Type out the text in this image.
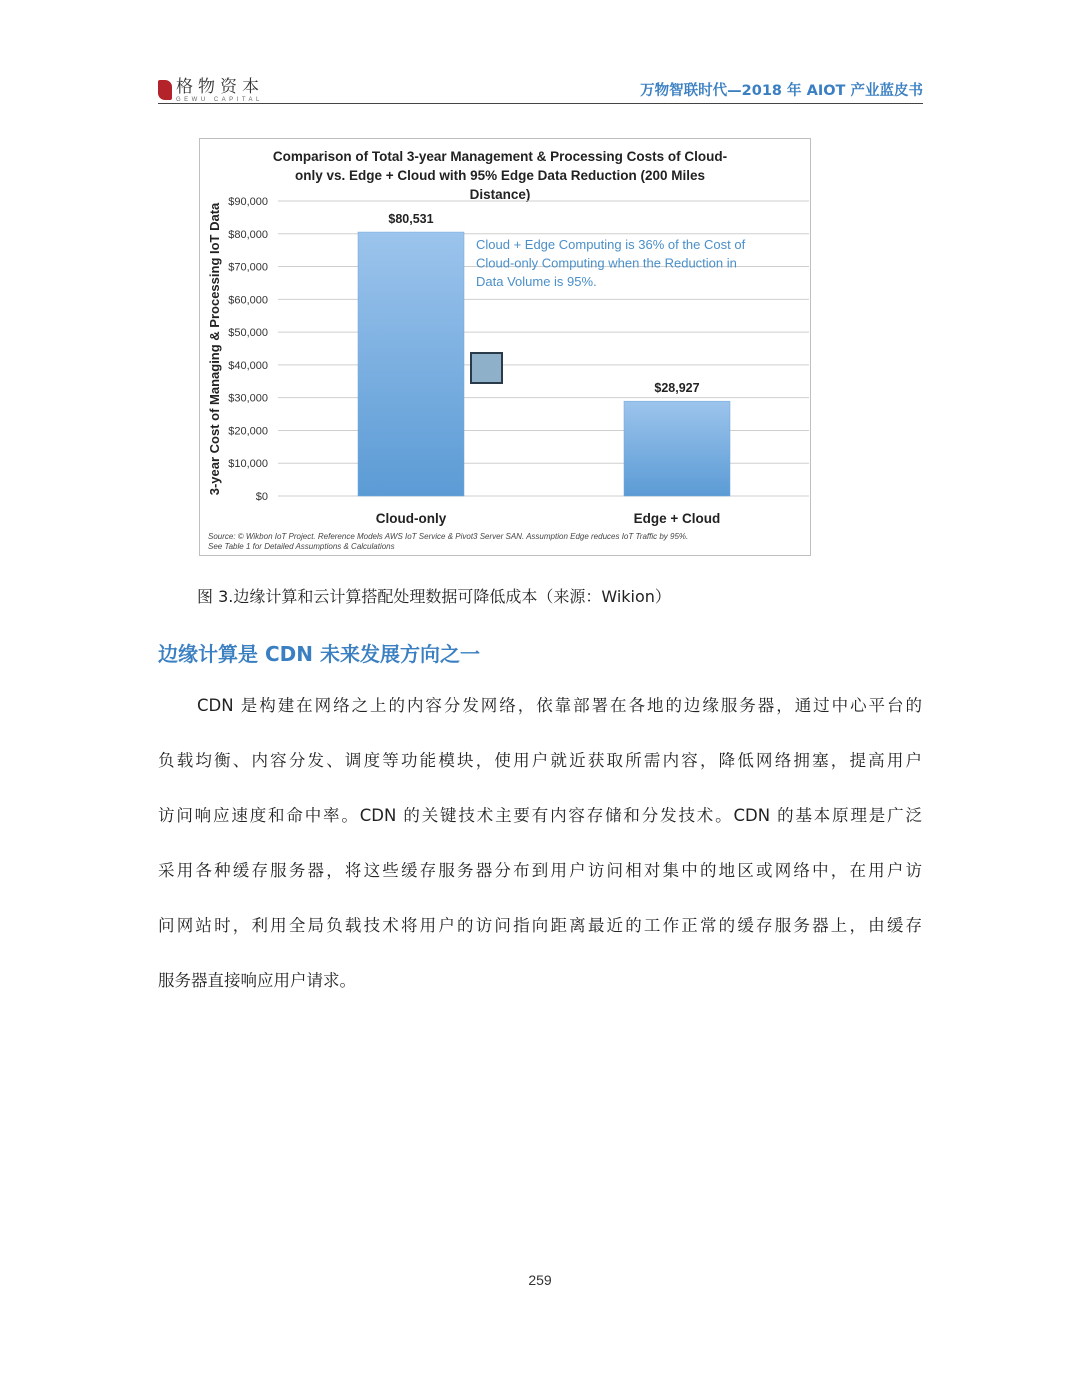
格物资本
GEWU CAPITAL
万物智联时代—2018 年 AIOT 产业蓝皮书
Comparison of Total 3-year Management & Processing Costs of Cloud-
only vs. Edge + Cloud with 95% Edge Data Reduction (200 Miles
Distance)
$0
$10,000
$20,000
$30,000
$40,000
$50,000
$60,000
$70,000
$80,000
$90,000
$80,531
Cloud-only
$28,927
Edge + Cloud
3-year Cost of Managing & Processing IoT Data	Cloud + Edge Computing is 36% of the Cost of
Cloud-only Computing when the Reduction in
Data Volume is 95%.
Source: © Wikbon IoT Project. Reference Models AWS IoT Service & Pivot3 Server SAN. Assumption Edge reduces IoT Traffic by 95%.
See Table 1 for Detailed Assumptions & Calculations
图 3.边缘计算和云计算搭配处理数据可降低成本（来源：Wikion）
边缘计算是 CDN 未来发展方向之一
CDN 是构建在网络之上的内容分发网络，依靠部署在各地的边缘服务器，通过中心平台的
负载均衡、内容分发、调度等功能模块，使用户就近获取所需内容，降低网络拥塞，提高用户
访问响应速度和命中率。CDN 的关键技术主要有内容存储和分发技术。CDN 的基本原理是广泛
采用各种缓存服务器，将这些缓存服务器分布到用户访问相对集中的地区或网络中，在用户访
问网站时，利用全局负载技术将用户的访问指向距离最近的工作正常的缓存服务器上，由缓存
服务器直接响应用户请求。
259
